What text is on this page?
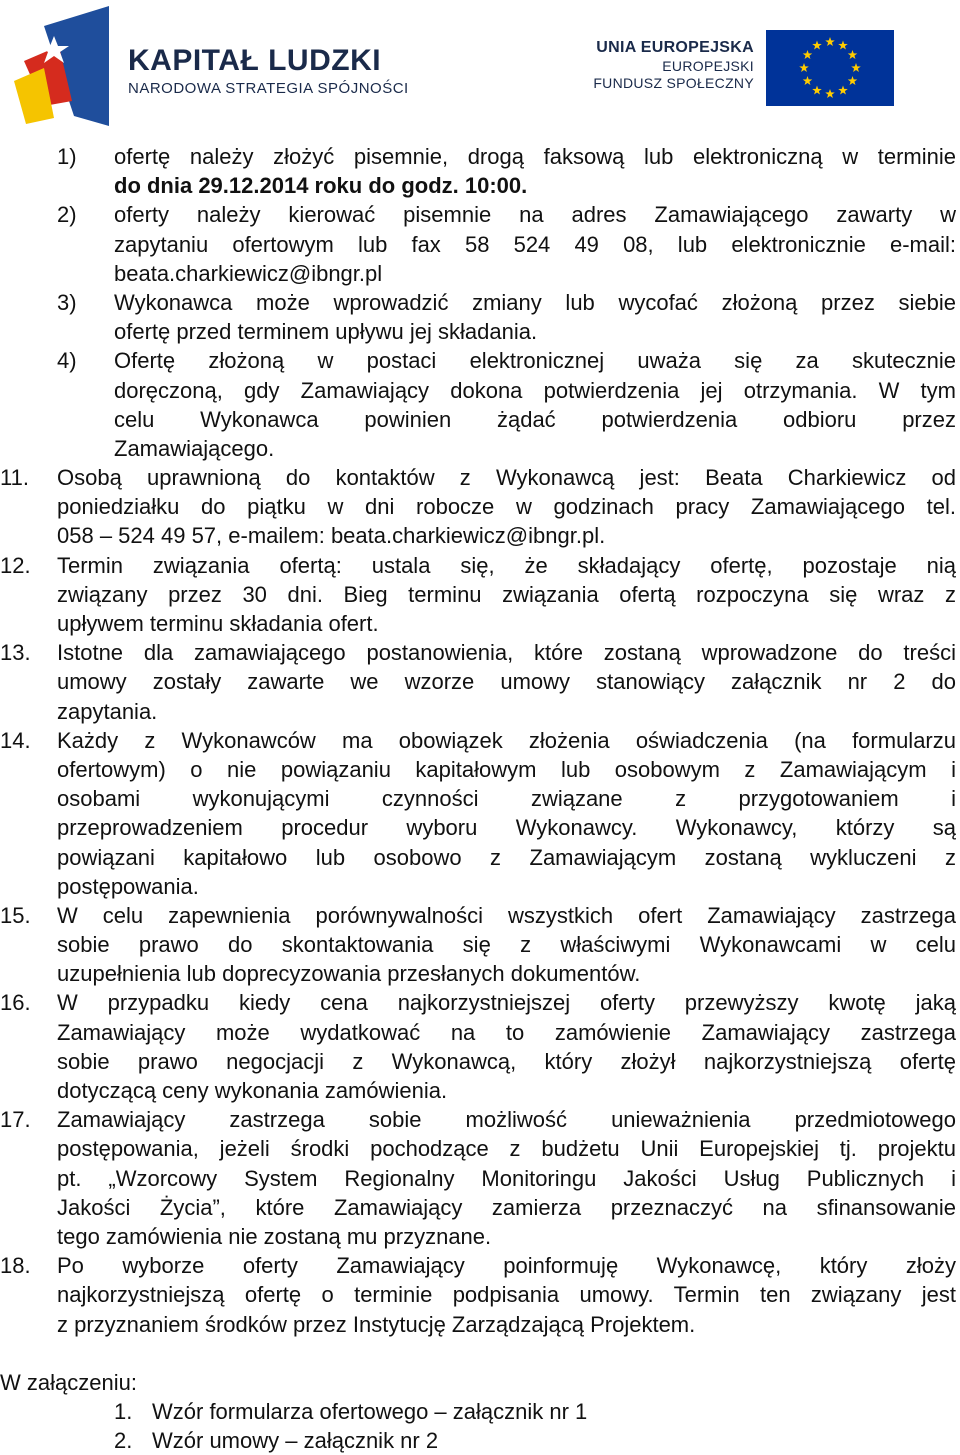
KAPITAŁ LUDZKI
NARODOWA STRATEGIA SPÓJNOŚCI
UNIA EUROPEJSKA
EUROPEJSKI
FUNDUSZ SPOŁECZNY
1) ofertę należy złożyć pisemnie, drogą faksową lub elektroniczną w terminie
do dnia 29.12.2014 roku do godz. 10:00.
2) oferty należy kierować pisemnie na adres Zamawiającego zawarty w
zapytaniu ofertowym lub fax 58 524 49 08, lub elektronicznie e-mail:
beata.charkiewicz@ibngr.pl
3) Wykonawca może wprowadzić zmiany lub wycofać złożoną przez siebie
ofertę przed terminem upływu jej składania.
4) Ofertę złożoną w postaci elektronicznej uważa się za skutecznie
doręczoną, gdy Zamawiający dokona potwierdzenia jej otrzymania. W tym
celu Wykonawca powinien żądać potwierdzenia odbioru przez
Zamawiającego.
11. Osobą uprawnioną do kontaktów z Wykonawcą jest: Beata Charkiewicz od
poniedziałku do piątku w dni robocze w godzinach pracy Zamawiającego tel.
058 – 524 49 57, e-mailem: beata.charkiewicz@ibngr.pl.
12. Termin związania ofertą: ustala się, że składający ofertę, pozostaje nią
związany przez 30 dni. Bieg terminu związania ofertą rozpoczyna się wraz z
upływem terminu składania ofert.
13. Istotne dla zamawiającego postanowienia, które zostaną wprowadzone do treści
umowy zostały zawarte we wzorze umowy stanowiący załącznik nr 2 do
zapytania.
14. Każdy z Wykonawców ma obowiązek złożenia oświadczenia (na formularzu
ofertowym) o nie powiązaniu kapitałowym lub osobowym z Zamawiającym i
osobami wykonującymi czynności związane z przygotowaniem i
przeprowadzeniem procedur wyboru Wykonawcy. Wykonawcy, którzy są
powiązani kapitałowo lub osobowo z Zamawiającym zostaną wykluczeni z
postępowania.
15. W celu zapewnienia porównywalności wszystkich ofert Zamawiający zastrzega
sobie prawo do skontaktowania się z właściwymi Wykonawcami w celu
uzupełnienia lub doprecyzowania przesłanych dokumentów.
16. W przypadku kiedy cena najkorzystniejszej oferty przewyższy kwotę jaką
Zamawiający może wydatkować na to zamówienie Zamawiający zastrzega
sobie prawo negocjacji z Wykonawcą, który złożył najkorzystniejszą ofertę
dotyczącą ceny wykonania zamówienia.
17. Zamawiający zastrzega sobie możliwość unieważnienia przedmiotowego
postępowania, jeżeli środki pochodzące z budżetu Unii Europejskiej tj. projektu
pt. „Wzorcowy System Regionalny Monitoringu Jakości Usług Publicznych i
Jakości Życia”, które Zamawiający zamierza przeznaczyć na sfinansowanie
tego zamówienia nie zostaną mu przyznane.
18. Po wyborze oferty Zamawiający poinformuję Wykonawcę, który złoży
najkorzystniejszą ofertę o terminie podpisania umowy. Termin ten związany jest
z przyznaniem środków przez Instytucję Zarządzającą Projektem.
W załączeniu:
1. Wzór formularza ofertowego – załącznik nr 1
2. Wzór umowy – załącznik nr 2
